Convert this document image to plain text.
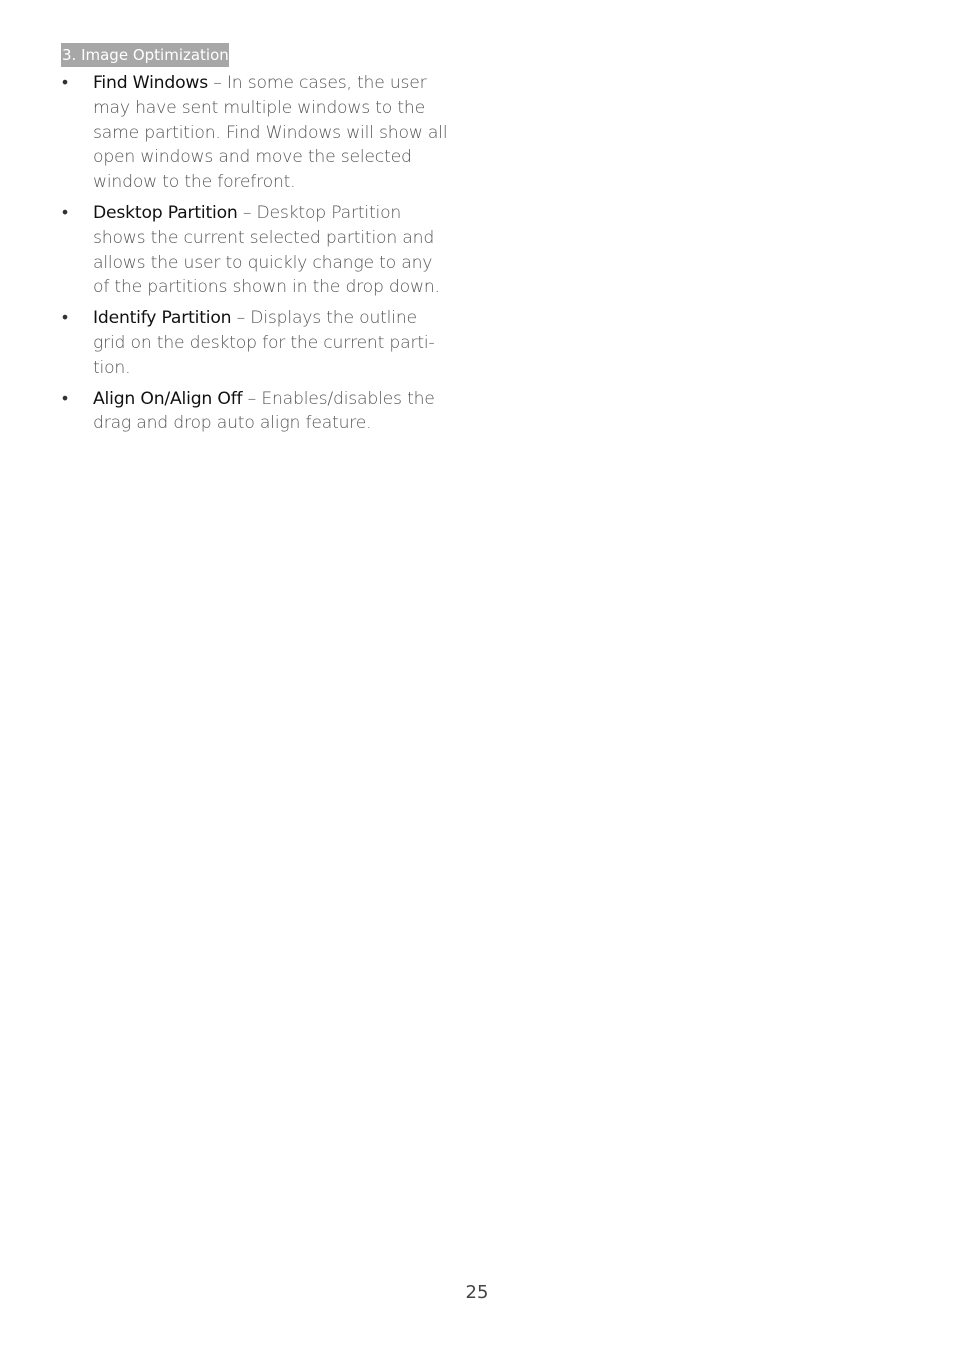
3. Image Optimization
• Find Windows – In some cases, the user may have sent multiple windows to the same partition. Find Windows will show all open windows and move the selected window to the forefront.
• Desktop Partition – Desktop Partition shows the current selected partition and allows the user to quickly change to any of the partitions shown in the drop down.
• Identify Partition – Displays the outline grid on the desktop for the current parti-tion.
• Align On/Align Off – Enables/disables the drag and drop auto align feature.
25
